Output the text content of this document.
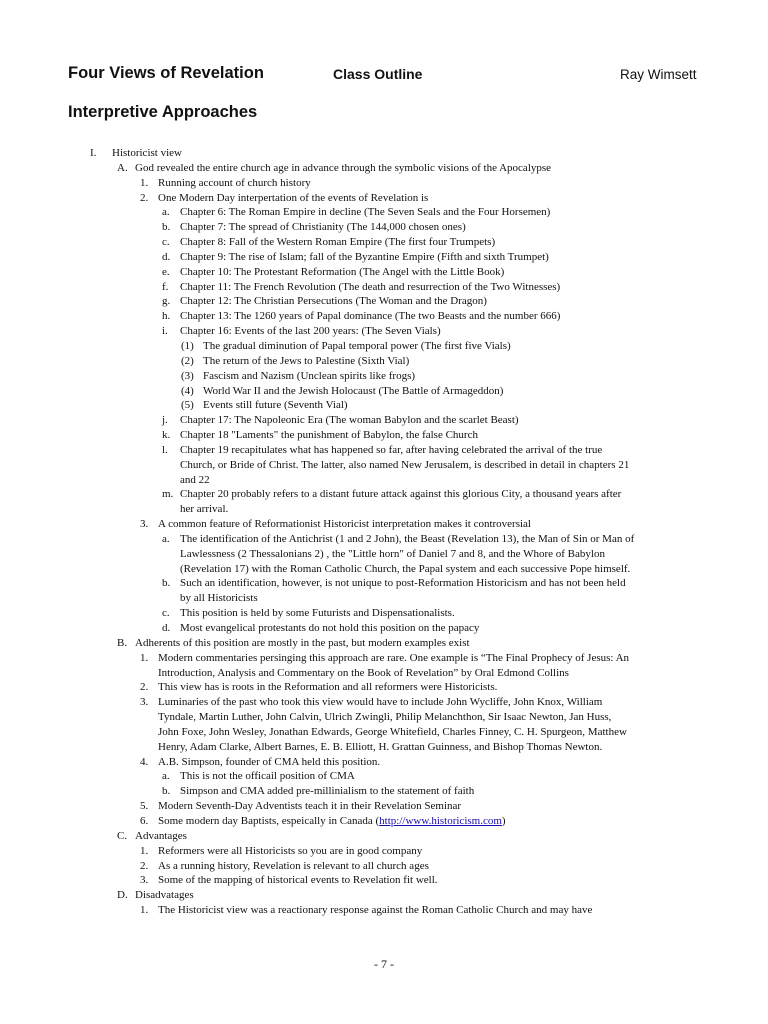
Four Views of Revelation	Class Outline	Ray Wimsett
Interpretive Approaches
I. Historicist view
A. God revealed the entire church age in advance through the symbolic visions of the Apocalypse
1. Running account of church history
2. One Modern Day interpertation of the events of Revelation is
a. Chapter 6: The Roman Empire in decline (The Seven Seals and the Four Horsemen)
b. Chapter 7: The spread of Christianity (The 144,000 chosen ones)
c. Chapter 8: Fall of the Western Roman Empire (The first four Trumpets)
d. Chapter 9: The rise of Islam; fall of the Byzantine Empire (Fifth and sixth Trumpet)
e. Chapter 10: The Protestant Reformation (The Angel with the Little Book)
f. Chapter 11: The French Revolution (The death and resurrection of the Two Witnesses)
g. Chapter 12: The Christian Persecutions (The Woman and the Dragon)
h. Chapter 13: The 1260 years of Papal dominance (The two Beasts and the number 666)
i. Chapter 16: Events of the last 200 years: (The Seven Vials)
(1) The gradual diminution of Papal temporal power (The first five Vials)
(2) The return of the Jews to Palestine (Sixth Vial)
(3) Fascism and Nazism (Unclean spirits like frogs)
(4) World War II and the Jewish Holocaust (The Battle of Armageddon)
(5) Events still future (Seventh Vial)
j. Chapter 17: The Napoleonic Era (The woman Babylon and the scarlet Beast)
k. Chapter 18 "Laments" the punishment of Babylon, the false Church
l. Chapter 19 recapitulates what has happened so far, after having celebrated the arrival of the true
Church, or Bride of Christ. The latter, also named New Jerusalem, is described in detail in chapters 21
and 22
m. Chapter 20 probably refers to a distant future attack against this glorious City, a thousand years after
her arrival.
3. A common feature of Reformationist Historicist interpretation makes it controversial
a. The identification of the Antichrist (1 and 2 John), the Beast (Revelation 13), the Man of Sin or Man of
Lawlessness (2 Thessalonians 2) , the "Little horn" of Daniel 7 and 8, and the Whore of Babylon
(Revelation 17) with the Roman Catholic Church, the Papal system and each successive Pope himself.
b. Such an identification, however, is not unique to post-Reformation Historicism and has not been held
by all Historicists
c. This position is held by some Futurists and Dispensationalists.
d. Most evangelical protestants do not hold this position on the papacy
B. Adherents of this position are mostly in the past, but modern examples exist
1. Modern commentaries persinging this approach are rare. One example is “The Final Prophecy of Jesus: An
Introduction, Analysis and Commentary on the Book of Revelation” by Oral Edmond Collins
2. This view has is roots in the Reformation and all reformers were Historicists.
3. Luminaries of the past who took this view would have to include John Wycliffe, John Knox, William
Tyndale, Martin Luther, John Calvin, Ulrich Zwingli, Philip Melanchthon, Sir Isaac Newton, Jan Huss,
John Foxe, John Wesley, Jonathan Edwards, George Whitefield, Charles Finney, C. H. Spurgeon, Matthew
Henry, Adam Clarke, Albert Barnes, E. B. Elliott, H. Grattan Guinness, and Bishop Thomas Newton.
4. A.B. Simpson, founder of CMA held this position.
a. This is not the officail position of CMA
b. Simpson and CMA added pre-millinialism to the statement of faith
5. Modern Seventh-Day Adventists teach it in their Revelation Seminar
6. Some modern day Baptists, espeically in Canada (http://www.historicism.com)
C. Advantages
1. Reformers were all Historicists so you are in good company
2. As a running history, Revelation is relevant to all church ages
3. Some of the mapping of historical events to Revelation fit well.
D. Disadvatages
1. The Historicist view was a reactionary response against the Roman Catholic Church and may have
- 7 -
